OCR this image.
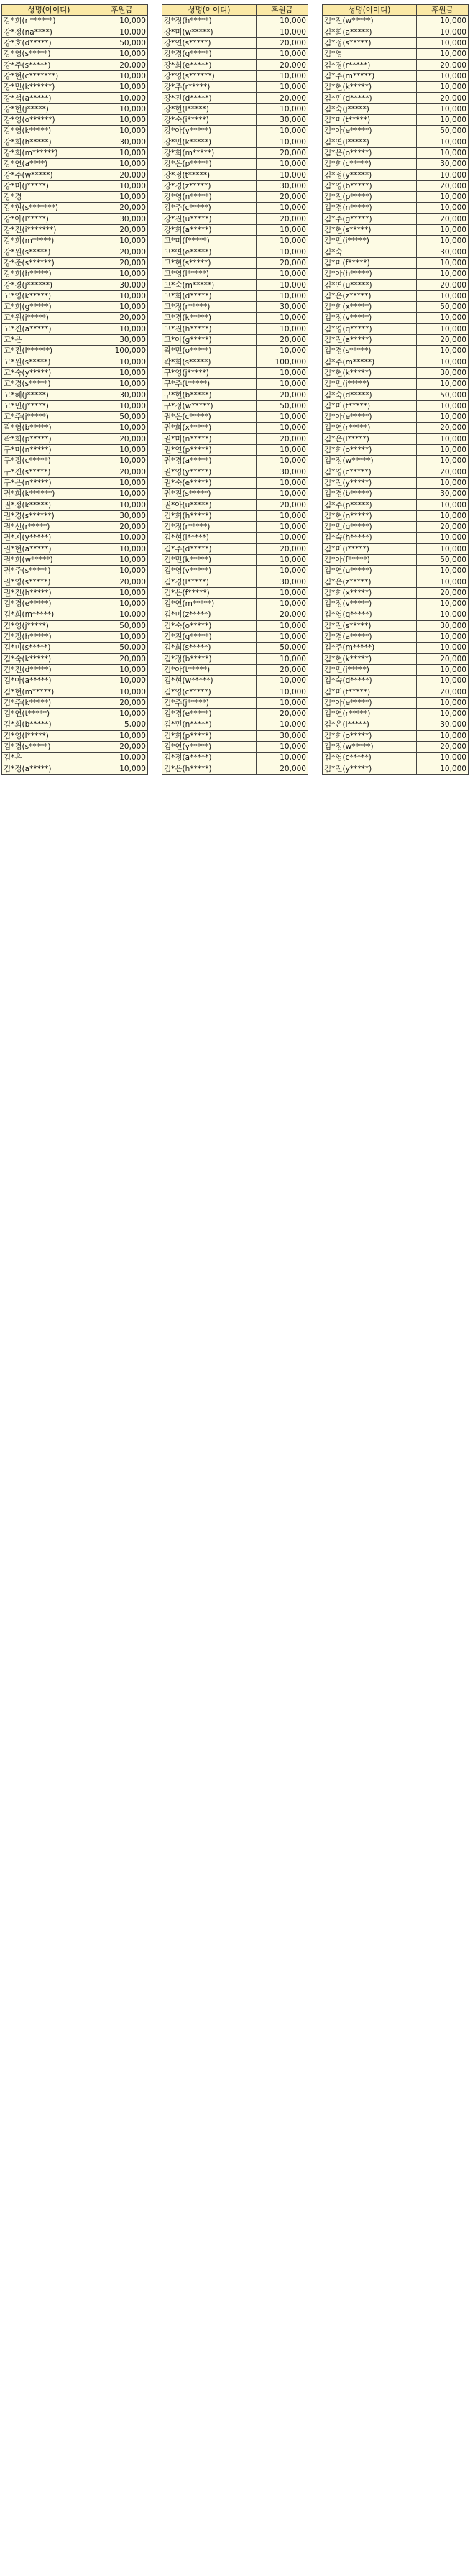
성명(아이디)	후원금
강*희(rl******)	10,000
강*정(na****)	10,000
강*호(d*****)	50,000
강*영(s*****)	10,000
강*주(s*****)	20,000
강*현(c*******)	10,000
강*민(k******)	10,000
강*석(a*****)	10,000
강*현(j*****)	10,000
강*영(o******)	10,000
강*영(k*****)	10,000
강*희(h*****)	30,000
강*희(m******)	10,000
강*연(a****)	10,000
강*주(w*****)	20,000
강*미(j*****)	10,000
강*경	10,000
강*현(s*******)	20,000
강*아(l*****)	30,000
강*진(i*******)	20,000
강*희(m*****)	10,000
강*원(s*****)	20,000
강*준(s******)	20,000
강*희(h*****)	10,000
강*경(j******)	30,000
고*영(k*****)	10,000
고*희(g*****)	10,000
고*원(j*****)	20,000
고*진(a*****)	10,000
고*은	30,000
고*진(l******)	100,000
고*원(s*****)	10,000
고*숙(y*****)	10,000
고*경(s*****)	10,000
고*혜(j*****)	30,000
고*민(j*****)	10,000
고*주(j*****)	50,000
곽*영(b*****)	10,000
곽*희(p*****)	20,000
구*미(n*****)	10,000
구*정(c*****)	10,000
구*진(s*****)	20,000
구*은(n*****)	10,000
권*희(k******)	10,000
권*정(k*****)	10,000
권*경(s******)	30,000
권*선(r*****)	20,000
권*지(y*****)	10,000
권*현(a*****)	10,000
권*희(w*****)	10,000
권*주(s*****)	10,000
권*영(s*****)	20,000
권*진(h*****)	10,000
김*경(e*****)	10,000
김*희(m*****)	10,000
김*영(j*****)	50,000
김*정(h*****)	10,000
김*미(s*****)	50,000
김*숙(k*****)	20,000
김*진(d*****)	10,000
김*아(a*****)	10,000
김*현(m*****)	10,000
김*주(k*****)	20,000
김*연(t*****)	10,000
김*희(b*****)	5,000
김*영(l*****)	10,000
김*경(s*****)	20,000
김*은	10,000
김*정(a*****)	10,000
성명(아이디)	후원금
강*정(h*****)	10,000
강*미(w*****)	10,000
강*연(s*****)	20,000
강*경(g*****)	10,000
강*희(e*****)	20,000
강*영(s******)	10,000
강*주(r*****)	10,000
강*진(d*****)	20,000
강*현(l*****)	10,000
강*숙(i*****)	30,000
강*아(y*****)	10,000
강*민(k*****)	10,000
강*희(m*****)	20,000
강*은(p*****)	10,000
강*정(t*****)	10,000
강*경(z*****)	30,000
강*영(n*****)	20,000
강*주(c*****)	10,000
강*진(u*****)	20,000
강*희(a*****)	10,000
고*미(f*****)	10,000
고*연(e*****)	10,000
고*현(s*****)	20,000
고*영(l*****)	10,000
고*숙(m*****)	10,000
고*희(d*****)	10,000
고*정(r*****)	30,000
고*경(k*****)	10,000
고*진(h*****)	10,000
고*아(g*****)	20,000
곽*민(o*****)	10,000
곽*희(s*****)	100,000
구*영(j*****)	10,000
구*주(t*****)	10,000
구*현(b*****)	20,000
구*정(w*****)	50,000
권*은(c*****)	10,000
권*희(x*****)	10,000
권*미(n*****)	20,000
권*연(p*****)	10,000
권*경(a*****)	10,000
권*영(y*****)	30,000
권*숙(e*****)	10,000
권*진(s*****)	10,000
권*아(u*****)	20,000
김*희(h*****)	10,000
김*정(r*****)	10,000
김*현(i*****)	10,000
김*주(d*****)	20,000
김*민(k*****)	10,000
김*영(v*****)	10,000
김*경(l*****)	30,000
김*은(f*****)	10,000
김*연(m*****)	10,000
김*미(z*****)	20,000
김*숙(o*****)	10,000
김*진(g*****)	10,000
김*희(s*****)	50,000
김*정(b*****)	10,000
김*아(t*****)	20,000
김*현(w*****)	10,000
김*영(c*****)	10,000
김*주(j*****)	10,000
김*경(e*****)	20,000
김*민(n*****)	10,000
김*희(p*****)	30,000
김*연(y*****)	10,000
김*정(a*****)	10,000
김*은(h*****)	20,000
성명(아이디)	후원금
김*진(w*****)	10,000
김*희(a*****)	10,000
김*정(s*****)	10,000
김*영	10,000
김*경(r*****)	20,000
김*주(m*****)	10,000
김*현(k*****)	10,000
김*민(d*****)	20,000
김*숙(j*****)	10,000
김*미(t*****)	10,000
김*아(e*****)	50,000
김*연(l*****)	10,000
김*은(o*****)	10,000
김*희(c*****)	30,000
김*정(y*****)	10,000
김*영(b*****)	20,000
김*진(p*****)	10,000
김*경(n*****)	10,000
김*주(g*****)	20,000
김*현(s*****)	10,000
김*민(i*****)	10,000
김*숙	30,000
김*미(f*****)	10,000
김*아(h*****)	10,000
김*연(u*****)	20,000
김*은(z*****)	10,000
김*희(x*****)	50,000
김*정(v*****)	10,000
김*영(q*****)	10,000
김*진(a*****)	20,000
김*경(s*****)	10,000
김*주(m*****)	10,000
김*현(k*****)	30,000
김*민(j*****)	10,000
김*숙(d*****)	50,000
김*미(t*****)	10,000
김*아(e*****)	10,000
김*연(r*****)	20,000
김*은(l*****)	10,000
김*희(o*****)	10,000
김*정(w*****)	10,000
김*영(c*****)	20,000
김*진(y*****)	10,000
김*경(b*****)	30,000
김*주(p*****)	10,000
김*현(n*****)	10,000
김*민(g*****)	20,000
김*숙(h*****)	10,000
김*미(i*****)	10,000
김*아(f*****)	50,000
김*연(u*****)	10,000
김*은(z*****)	10,000
김*희(x*****)	20,000
김*정(v*****)	10,000
김*영(q*****)	10,000
김*진(s*****)	30,000
김*경(a*****)	10,000
김*주(m*****)	10,000
김*현(k*****)	20,000
김*민(j*****)	10,000
김*숙(d*****)	10,000
김*미(t*****)	20,000
김*아(e*****)	10,000
김*연(r*****)	10,000
김*은(l*****)	30,000
김*희(o*****)	10,000
김*정(w*****)	20,000
김*영(c*****)	10,000
김*진(y*****)	10,000
